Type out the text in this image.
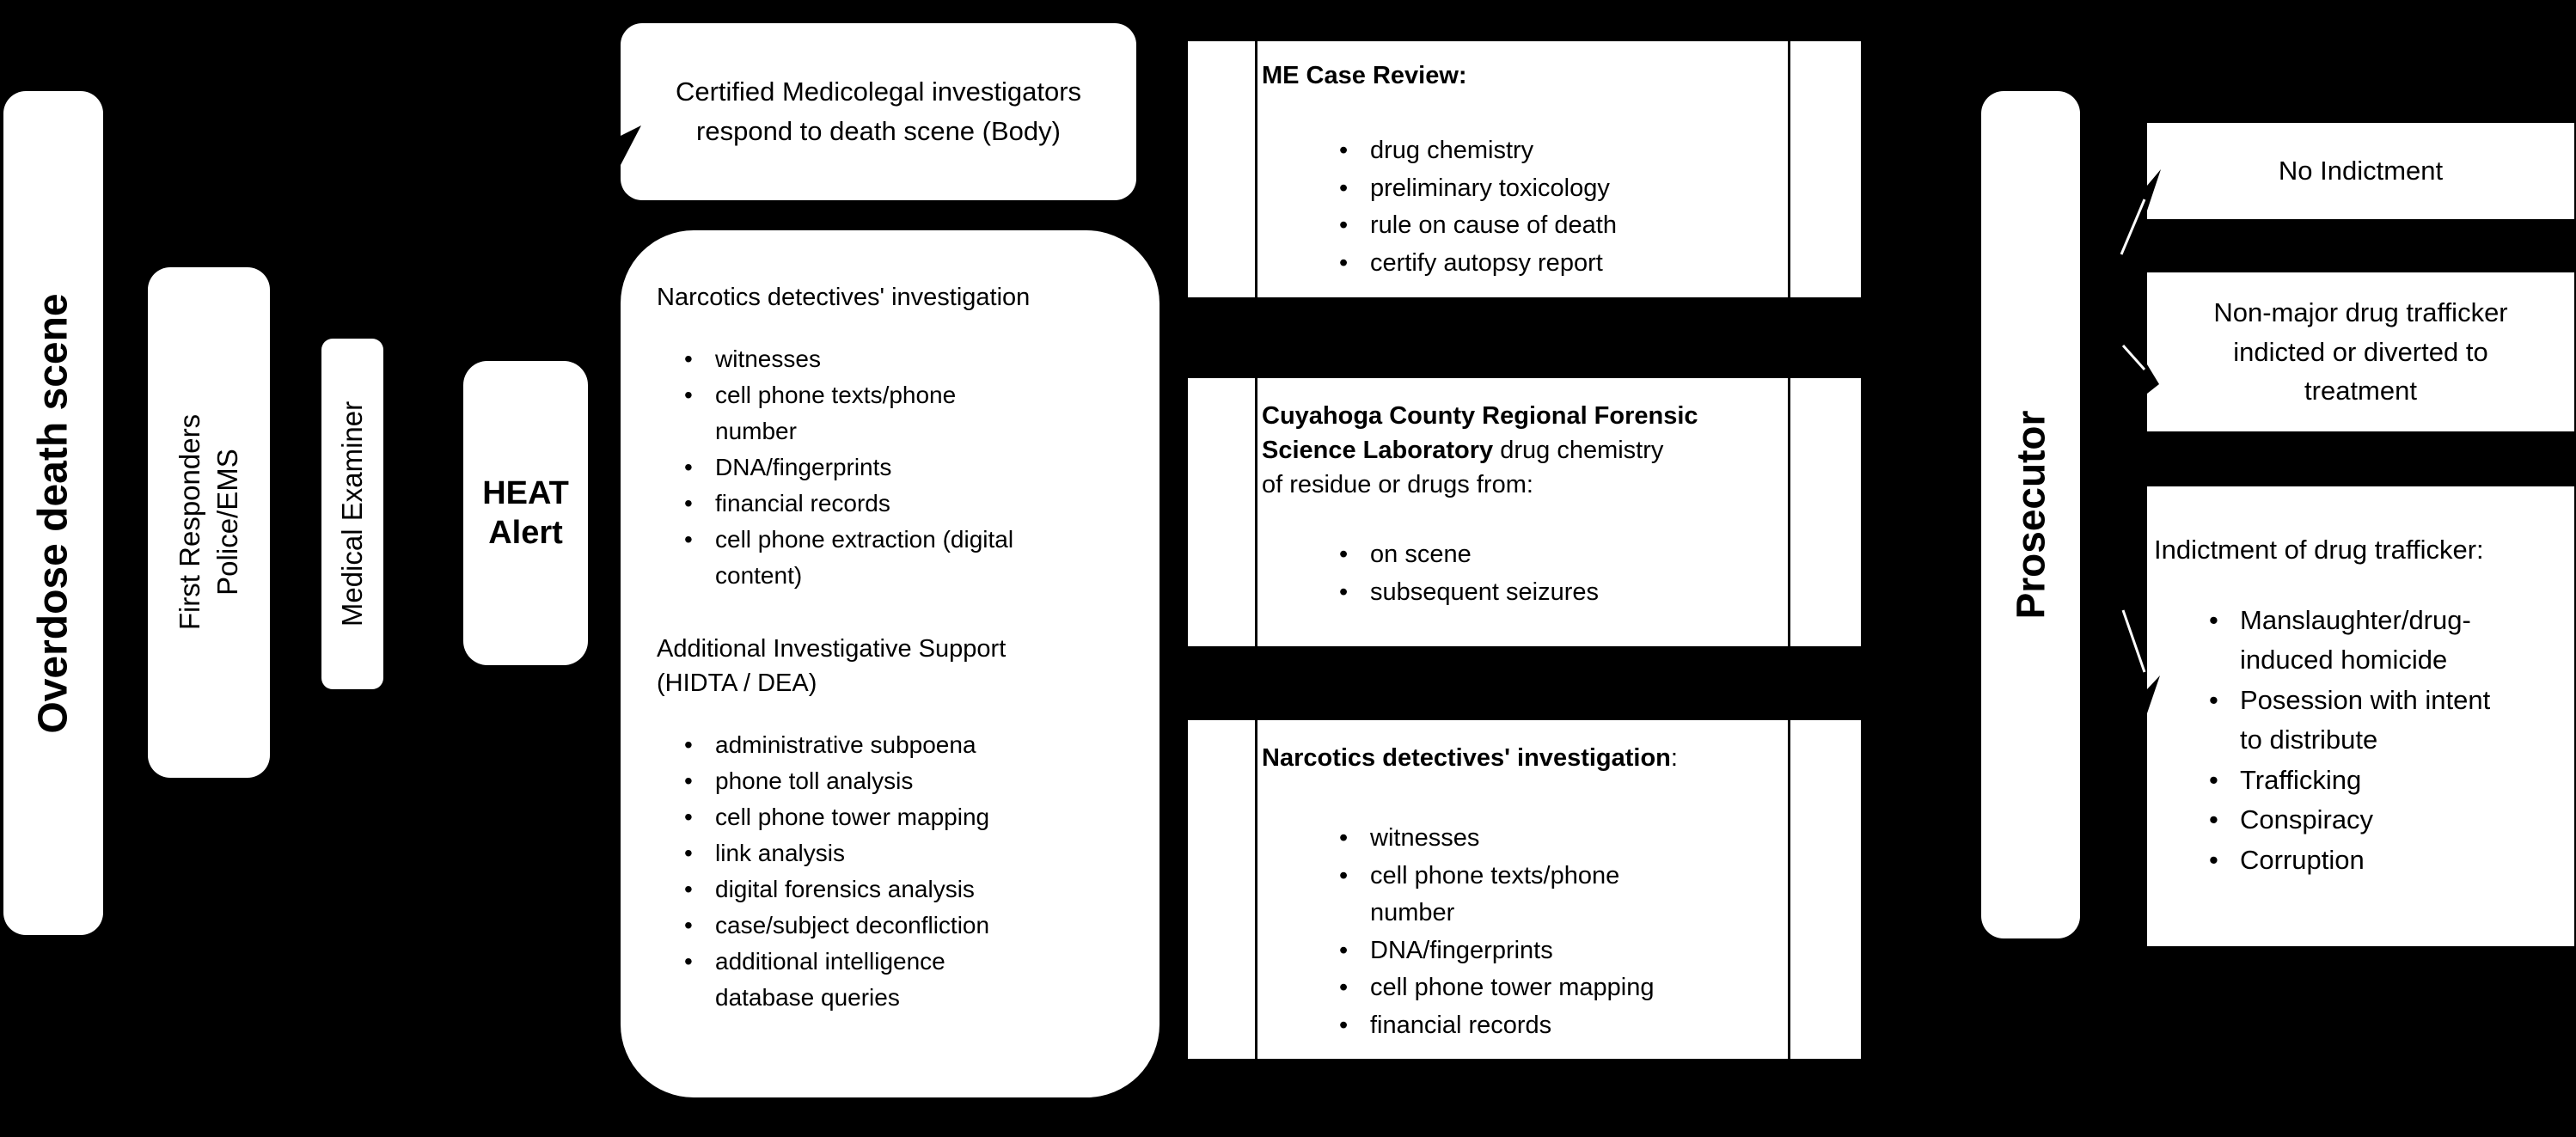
Overdose death scene	First Responders Police/EMS	Medical Examiner	HEAT
Alert
Certified Medicolegal investigators respond to death scene (Body)
Narcotics detectives' investigation
• witnesses
• cell phone texts/phone number
• DNA/fingerprints
• financial records
• cell phone extraction (digital content)
Additional Investigative Support (HIDTA / DEA)
• administrative subpoena
• phone toll analysis
• cell phone tower mapping
• link analysis
• digital forensics analysis
• case/subject deconfliction
• additional intelligence database queries
ME Case Review:
• drug chemistry
• preliminary toxicology
• rule on cause of death
• certify autopsy report
Cuyahoga County Regional Forensic
Science Laboratory drug chemistry
of residue or drugs from:
• on scene
• subsequent seizures
Narcotics detectives' investigation:
• witnesses
• cell phone texts/phone number
• DNA/fingerprints
• cell phone tower mapping
• financial records
Prosecutor
No Indictment
Non-major drug trafficker indicted or diverted to treatment
Indictment of drug trafficker:
• Manslaughter/drug-induced homicide
• Posession with intent to distribute
• Trafficking
• Conspiracy
• Corruption
